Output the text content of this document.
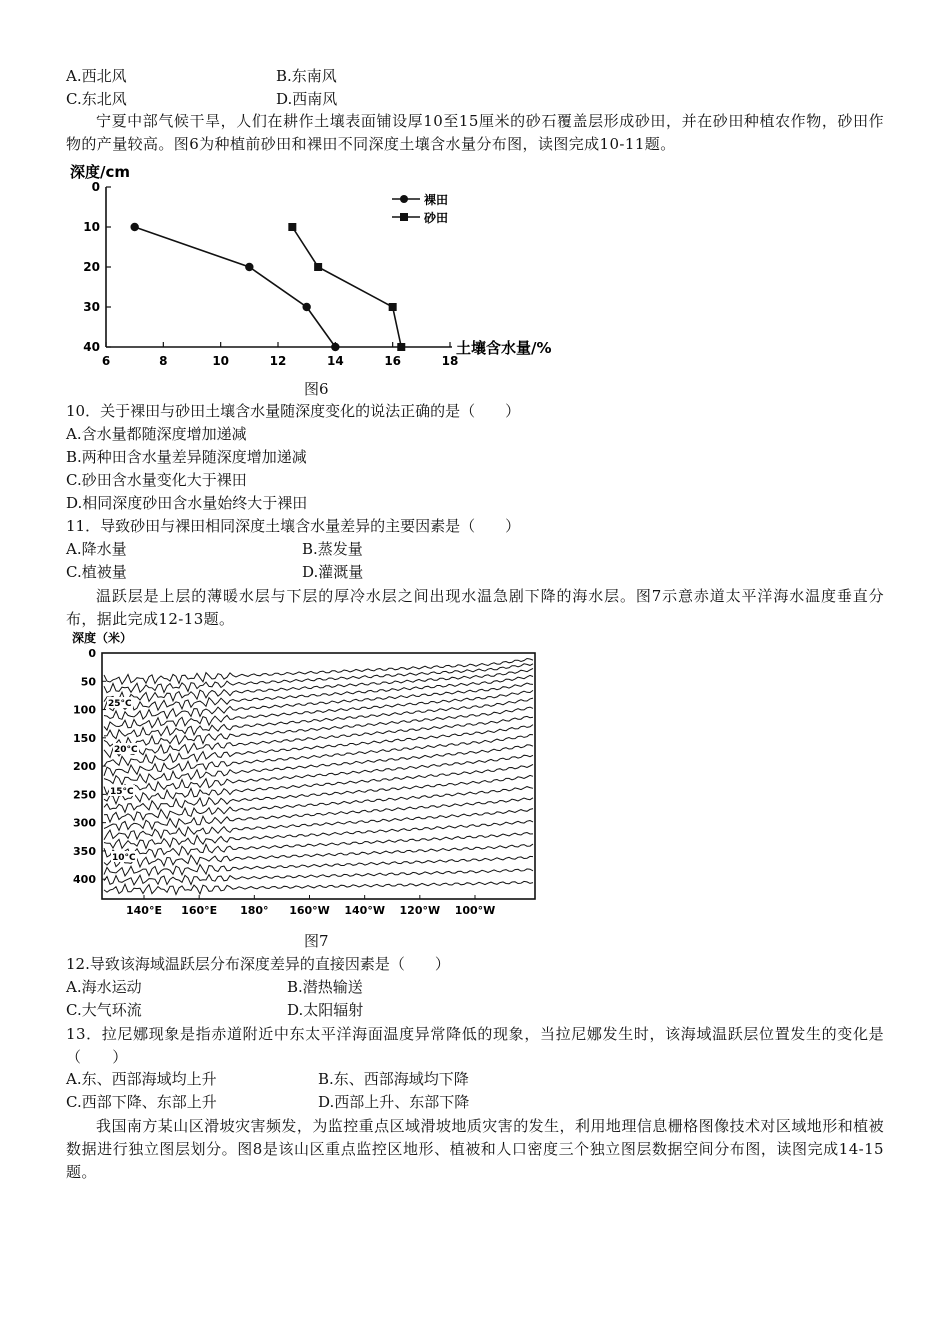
A.西北风	B.东南风
C.东北风	D.西南风
宁夏中部气候干旱，人们在耕作土壤表面铺设厚10至15厘米的砂石覆盖层形成砂田，并在砂田种植农作物，砂田作物的产量较高。图6为种植前砂田和裸田不同深度土壤含水量分布图，读图完成10-11题。
深度/cm
土壤含水量/%
6	8	10	12	14	16	18
0
10
20
30
40
裸田
砂田
图6
10．关于裸田与砂田土壤含水量随深度变化的说法正确的是（　　）
A.含水量都随深度增加递减
B.两种田含水量差异随深度增加递减
C.砂田含水量变化大于裸田
D.相同深度砂田含水量始终大于裸田
11．导致砂田与裸田相同深度土壤含水量差异的主要因素是（　　）
A.降水量	B.蒸发量
C.植被量	D.灌溉量
温跃层是上层的薄暖水层与下层的厚冷水层之间出现水温急剧下降的海水层。图7示意赤道太平洋海水温度垂直分布，据此完成12-13题。
深度（米）
0
50
100
150
200
250
300
350
400
140°E 160°E 180° 160°W 140°W 120°W 100°W
25°C
20°C
15°C
10°C
图7
12.导致该海域温跃层分布深度差异的直接因素是（　　）
A.海水运动	B.潜热输送
C.大气环流	D.太阳辐射
13．拉尼娜现象是指赤道附近中东太平洋海面温度异常降低的现象，当拉尼娜发生时，该海域温跃层位置发生的变化是（　　）
A.东、西部海域均上升	B.东、西部海域均下降
C.西部下降、东部上升	D.西部上升、东部下降
我国南方某山区滑坡灾害频发，为监控重点区域滑坡地质灾害的发生，利用地理信息栅格图像技术对区域地形和植被数据进行独立图层划分。图8是该山区重点监控区地形、植被和人口密度三个独立图层数据空间分布图，读图完成14-15题。
